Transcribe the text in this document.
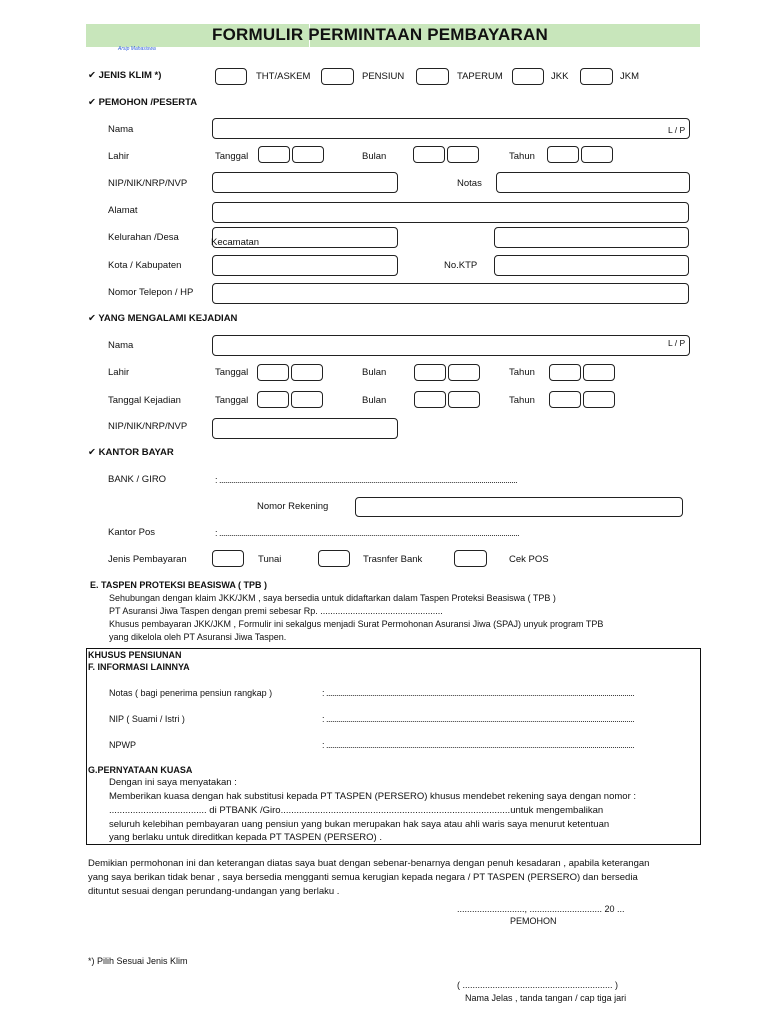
FORMULIR PERMINTAAN PEMBAYARAN
Arsip Mahasiswa
✔ JENIS KLIM *)	THT/ASKEM	PENSIUN	TAPERUM	JKK	JKM
✔ PEMOHON /PESERTA
Nama	L / P
Lahir	Tanggal	Bulan	Tahun
NIP/NIK/NRP/NVP	Notas
Alamat
Kelurahan /Desa	Kecamatan
Kota / Kabupaten	No.KTP
Nomor Telepon / HP
✔ YANG MENGALAMI KEJADIAN
Nama	L / P
Lahir	Tanggal	Bulan	Tahun
Tanggal Kejadian	Tanggal	Bulan	Tahun
NIP/NIK/NRP/NVP
✔ KANTOR BAYAR
BANK / GIRO	: .....................................................................................................................................................
Nomor Rekening
Kantor Pos	: ......................................................................................................................................................
Jenis Pembayaran	Tunai	Trasnfer Bank	Cek POS
E. TASPEN PROTEKSI BEASISWA ( TPB )
Sehubungan dengan klaim JKK/JKM , saya bersedia untuk didaftarkan dalam Taspen Proteksi Beasiswa ( TPB )
PT Asuransi Jiwa Taspen dengan premi sebesar Rp. .................................................
Khusus pembayaran JKK/JKM , Formulir ini sekalgus menjadi Surat Permohonan Asuransi Jiwa (SPAJ) unyuk program TPB
yang dikelola oleh PT Asuransi Jiwa Taspen.
KHUSUS PENSIUNAN
F. INFORMASI LAINNYA
Notas ( bagi penerima pensiun rangkap )	: ..........................................................................................................................................................
NIP ( Suami / Istri )	: ..........................................................................................................................................................
NPWP	: ..........................................................................................................................................................
G.PERNYATAAN KUASA
Dengan ini saya menyatakan :
Memberikan kuasa dengan hak substitusi kepada PT TASPEN (PERSERO) khusus mendebet rekening saya dengan nomor :
..................................... di PTBANK /Giro.......................................................................................untuk mengembalikan
seluruh kelebihan pembayaran uang pensiun yang bukan merupakan hak saya atau ahli waris saya menurut ketentuan
yang berlaku untuk direditkan kepada PT TASPEN (PERSERO) .
Demikian permohonan ini dan keterangan diatas saya buat dengan sebenar-benarnya dengan penuh kesadaran , apabila keterangan
yang saya berikan tidak benar , saya bersedia mengganti semua kerugian kepada negara / PT TASPEN (PERSERO) dan bersedia
dituntut sesuai dengan perundang-undangan yang berlaku .
..........................., ............................. 20 ...
PEMOHON
*) Pilih Sesuai Jenis Klim
( ............................................................ )
Nama Jelas , tanda tangan / cap tiga jari
